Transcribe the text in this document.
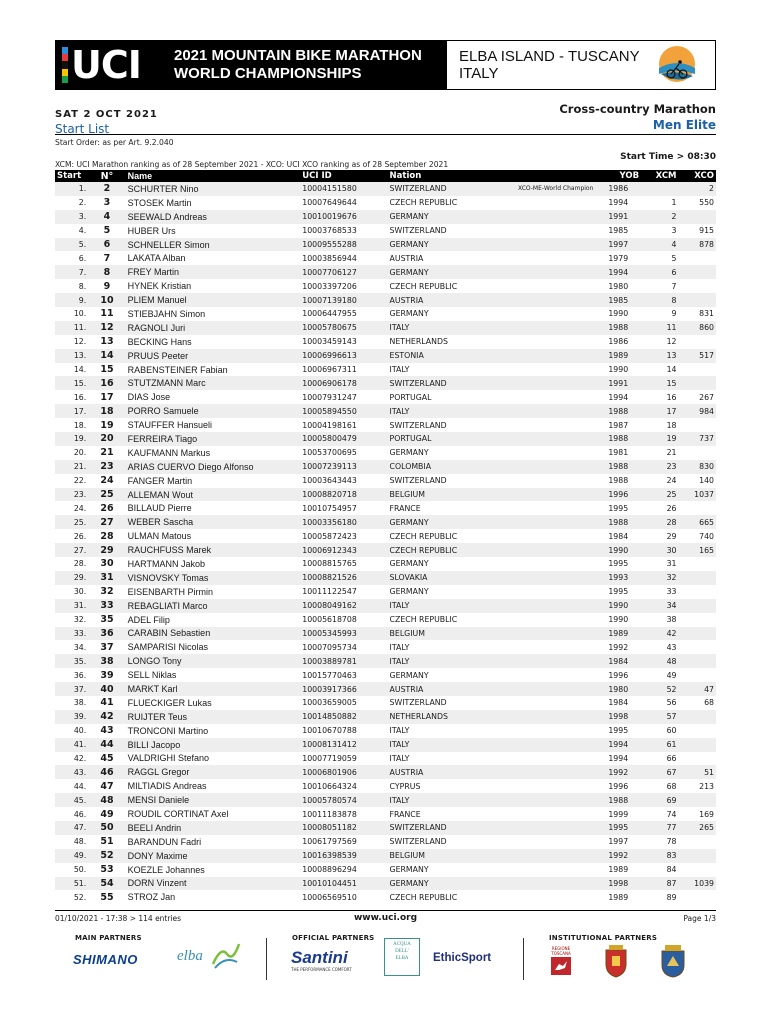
UCI 2021 MOUNTAIN BIKE MARATHON
WORLD CHAMPIONSHIPS
ELBA ISLAND - TUSCANY
ITALY
SAT 2 OCT 2021	Cross-country Marathon
Start List	Men Elite
Start Order: as per Art. 9.2.040
XCM: UCI Marathon ranking as of 28 September 2021 - XCO: UCI XCO ranking as of 28 September 2021
Start Time > 08:30
Start	N°	Name	UCI ID	Nation		YOB	XCM	XCO
1.	2	SCHURTER Nino	10004151580	SWITZERLAND	XCO-ME-World Champion	1986		2
2.	3	STOSEK Martin	10007649644	CZECH REPUBLIC		1994	1	550
3.	4	SEEWALD Andreas	10010019676	GERMANY		1991	2	
4.	5	HUBER Urs	10003768533	SWITZERLAND		1985	3	915
5.	6	SCHNELLER Simon	10009555288	GERMANY		1997	4	878
6.	7	LAKATA Alban	10003856944	AUSTRIA		1979	5	
7.	8	FREY Martin	10007706127	GERMANY		1994	6	
8.	9	HYNEK Kristian	10003397206	CZECH REPUBLIC		1980	7	
9.	10	PLIEM Manuel	10007139180	AUSTRIA		1985	8	
10.	11	STIEBJAHN Simon	10006447955	GERMANY		1990	9	831
11.	12	RAGNOLI Juri	10005780675	ITALY		1988	11	860
12.	13	BECKING Hans	10003459143	NETHERLANDS		1986	12	
13.	14	PRUUS Peeter	10006996613	ESTONIA		1989	13	517
14.	15	RABENSTEINER Fabian	10006967311	ITALY		1990	14	
15.	16	STUTZMANN Marc	10006906178	SWITZERLAND		1991	15	
16.	17	DIAS Jose	10007931247	PORTUGAL		1994	16	267
17.	18	PORRO Samuele	10005894550	ITALY		1988	17	984
18.	19	STAUFFER Hansueli	10004198161	SWITZERLAND		1987	18	
19.	20	FERREIRA Tiago	10005800479	PORTUGAL		1988	19	737
20.	21	KAUFMANN Markus	10053700695	GERMANY		1981	21	
21.	23	ARIAS CUERVO Diego Alfonso	10007239113	COLOMBIA		1988	23	830
22.	24	FANGER Martin	10003643443	SWITZERLAND		1988	24	140
23.	25	ALLEMAN Wout	10008820718	BELGIUM		1996	25	1037
24.	26	BILLAUD Pierre	10010754957	FRANCE		1995	26	
25.	27	WEBER Sascha	10003356180	GERMANY		1988	28	665
26.	28	ULMAN Matous	10005872423	CZECH REPUBLIC		1984	29	740
27.	29	RAUCHFUSS Marek	10006912343	CZECH REPUBLIC		1990	30	165
28.	30	HARTMANN Jakob	10008815765	GERMANY		1995	31	
29.	31	VISNOVSKY Tomas	10008821526	SLOVAKIA		1993	32	
30.	32	EISENBARTH Pirmin	10011122547	GERMANY		1995	33	
31.	33	REBAGLIATI Marco	10008049162	ITALY		1990	34	
32.	35	ADEL Filip	10005618708	CZECH REPUBLIC		1990	38	
33.	36	CARABIN Sebastien	10005345993	BELGIUM		1989	42	
34.	37	SAMPARISI Nicolas	10007095734	ITALY		1992	43	
35.	38	LONGO Tony	10003889781	ITALY		1984	48	
36.	39	SELL Niklas	10015770463	GERMANY		1996	49	
37.	40	MARKT Karl	10003917366	AUSTRIA		1980	52	47
38.	41	FLUECKIGER Lukas	10003659005	SWITZERLAND		1984	56	68
39.	42	RUIJTER Teus	10014850882	NETHERLANDS		1998	57	
40.	43	TRONCONI Martino	10010670788	ITALY		1995	60	
41.	44	BILLI Jacopo	10008131412	ITALY		1994	61	
42.	45	VALDRIGHI Stefano	10007719059	ITALY		1994	66	
43.	46	RAGGL Gregor	10006801906	AUSTRIA		1992	67	51
44.	47	MILTIADIS Andreas	10010664324	CYPRUS		1996	68	213
45.	48	MENSI Daniele	10005780574	ITALY		1988	69	
46.	49	ROUDIL CORTINAT Axel	10011183878	FRANCE		1999	74	169
47.	50	BEELI Andrin	10008051182	SWITZERLAND		1995	77	265
48.	51	BARANDUN Fadri	10061797569	SWITZERLAND		1997	78	
49.	52	DONY Maxime	10016398539	BELGIUM		1992	83	
50.	53	KOEZLE Johannes	10008896294	GERMANY		1989	84	
51.	54	DORN Vinzent	10010104451	GERMANY		1998	87	1039
52.	55	STROZ Jan	10006569510	CZECH REPUBLIC		1989	89	
01/10/2021 - 17:38 > 114 entries	www.uci.org	Page 1/3
MAIN PARTNERS	OFFICIAL PARTNERS	INSTITUTIONAL PARTNERS
SHIMANO	elba	Santini
THE PERFORMANCE COMFORT
ACQUA
DELL'
ELBA	EthicSport
REGIONE
TOSCANA
